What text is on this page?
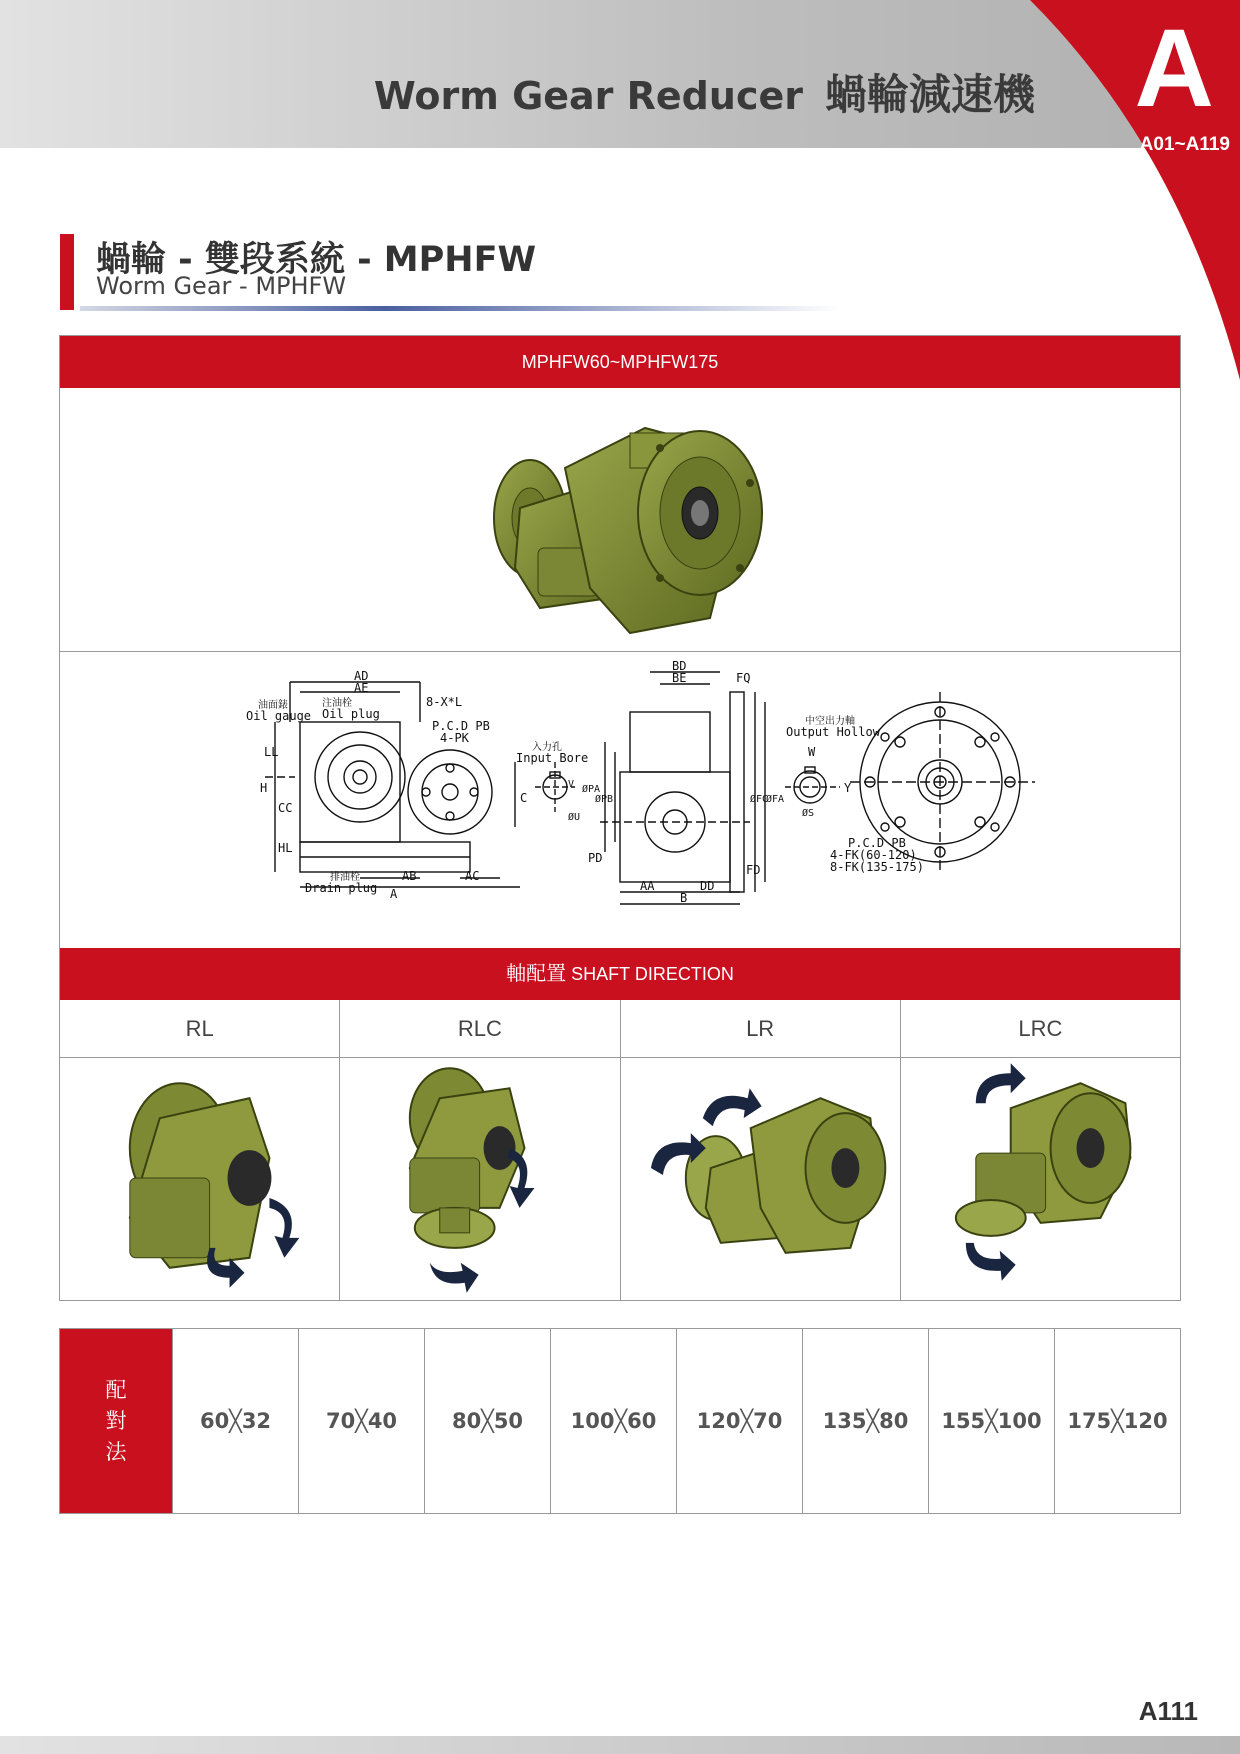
Worm Gear Reducer 蝸輪減速機 A
A01~A119
蝸輪 - 雙段系統 - MPHFW
Worm Gear - MPHFW
MPHFW60~MPHFW175
AD
AE
油面錶
Oil gauge
注油栓
Oil plug
8-X*L
P.C.D PB
4-PK
入力孔
Input Bore
LL
H
CC
HL
C
排油栓
Drain plug
AB	AC
A
ØPA
ØPB
ØU
V
BD
BE	FQ
ØFC
ØFA
PD
AA	DD
B
FD
中空出力軸
Output Hollow
W
Y
ØS
P.C.D PB
4-FK(60-120)
8-FK(135-175)
軸配置 SHAFT DIRECTION
RL	RLC	LR	LRC
配
對
法
60╳32	70╳40	80╳50	100╳60	120╳70	135╳80	155╳100	175╳120
A111
